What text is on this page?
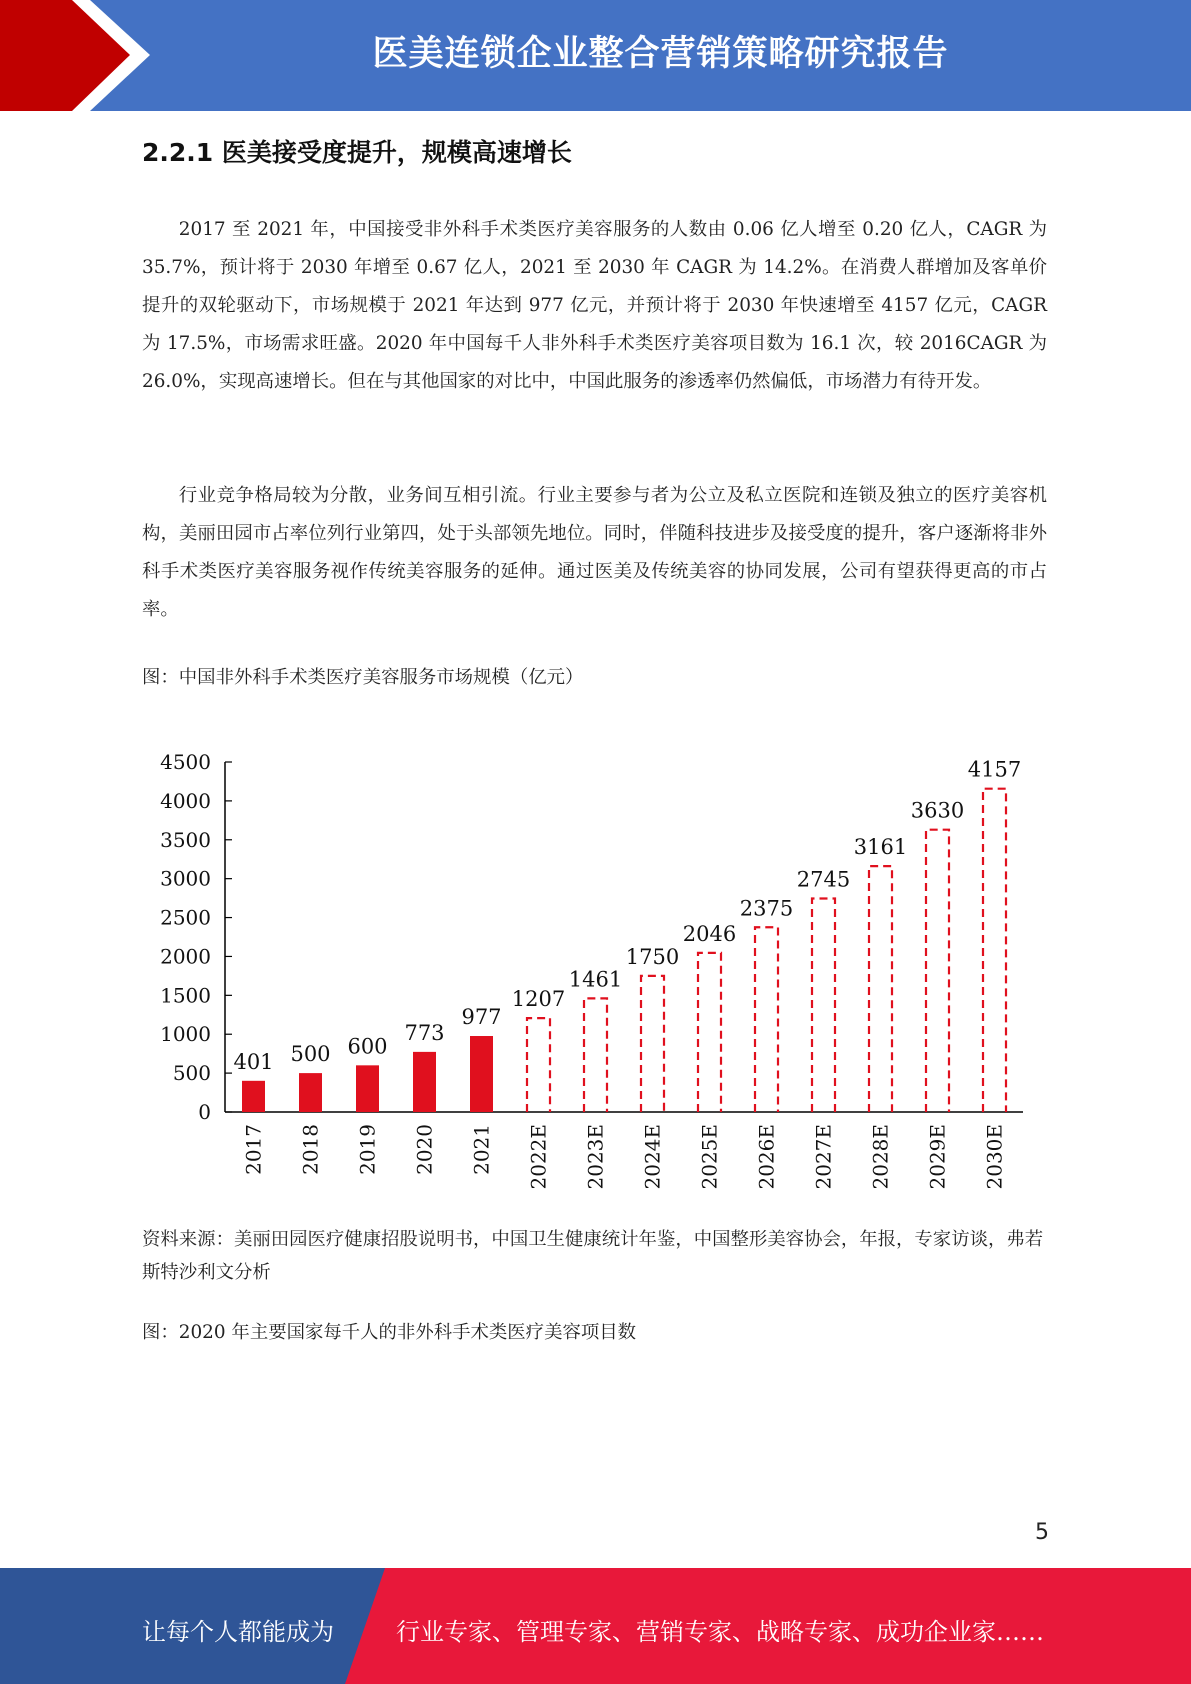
医美连锁企业整合营销策略研究报告
2.2.1 医美接受度提升，规模高速增长

2017 至 2021 年，中国接受非外科手术类医疗美容服务的人数由 0.06 亿人增至 0.20 亿人，CAGR 为 35.7%，预计将于 2030 年增至 0.67 亿人，2021 至 2030 年 CAGR 为 14.2%。在消费人群增加及客单价提升的双轮驱动下，市场规模于 2021 年达到 977 亿元，并预计将于 2030 年快速增至 4157 亿元，CAGR 为 17.5%，市场需求旺盛。2020 年中国每千人非外科手术类医疗美容项目数为 16.1 次，较 2016CAGR 为 26.0%，实现高速增长。但在与其他国家的对比中，中国此服务的渗透率仍然偏低，市场潜力有待开发。

行业竞争格局较为分散，业务间互相引流。行业主要参与者为公立及私立医院和连锁及独立的医疗美容机构，美丽田园市占率位列行业第四，处于头部领先地位。同时，伴随科技进步及接受度的提升，客户逐渐将非外科手术类医疗美容服务视作传统美容服务的延伸。通过医美及传统美容的协同发展，公司有望获得更高的市占率。

图：中国非外科手术类医疗美容服务市场规模（亿元）

0
500
1000
1500
2000
2500
3000
3500
4000
4500
401
2017
500
2018
600
2019
773
2020
977
2021
1207
2022E
1461
2023E
1750
2024E
2046
2025E
2375
2026E
2745
2027E
3161
2028E
3630
2029E
4157
2030E

资料来源：美丽田园医疗健康招股说明书，中国卫生健康统计年鉴，中国整形美容协会，年报，专家访谈，弗若斯特沙利文分析

图：2020 年主要国家每千人的非外科手术类医疗美容项目数

5
让每个人都能成为	行业专家、管理专家、营销专家、战略专家、成功企业家……
